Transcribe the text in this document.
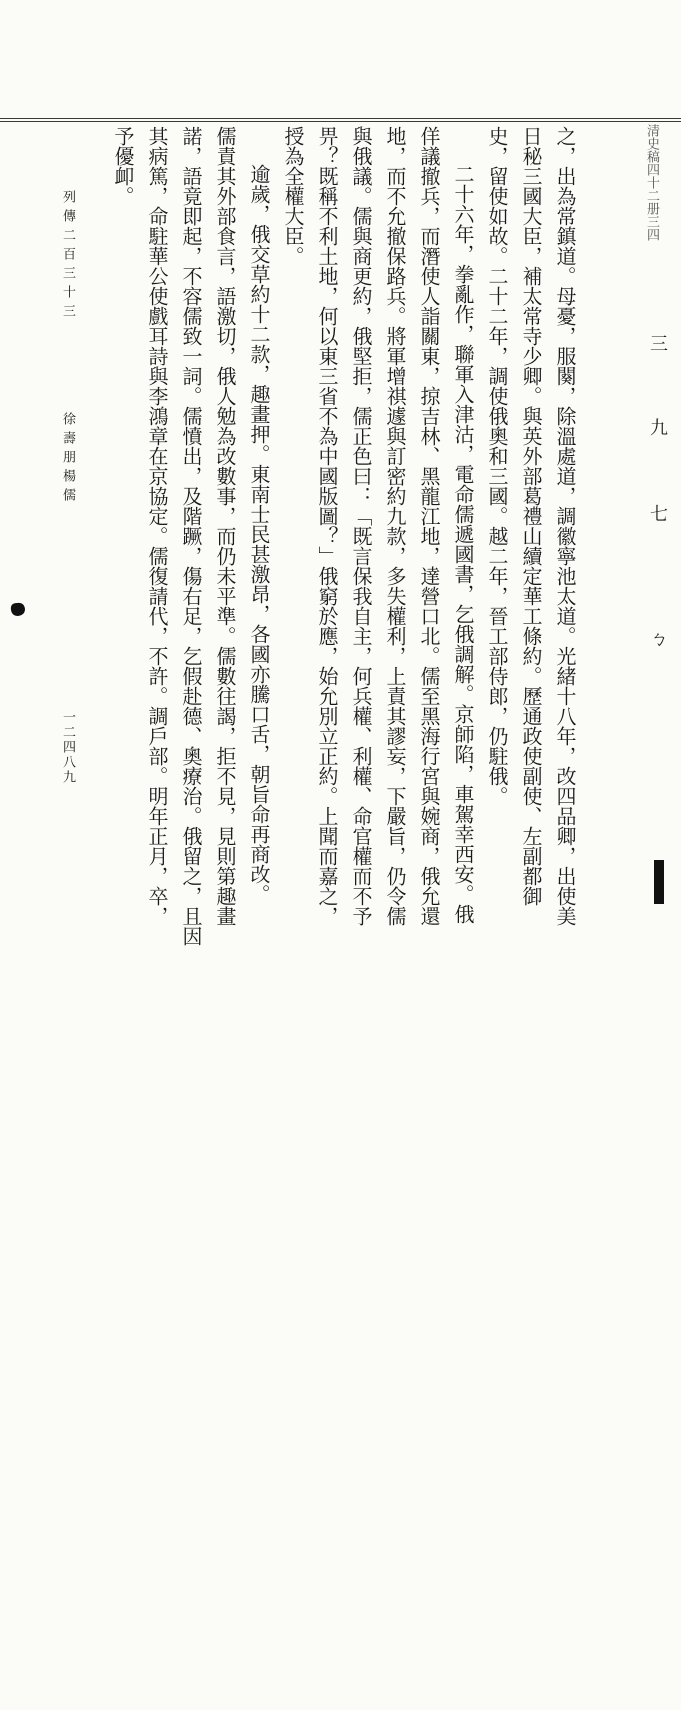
清史稿四十二册三四
三
九
七
ㄅ
之，出為常鎮道。母憂，服闋，除溫處道，調徽寧池太道。光緒十八年，改四品卿，出使美
日秘三國大臣，補太常寺少卿。與英外部葛禮山續定華工條約。歷通政使副使、左副都御
史，留使如故。二十二年，調使俄奧和三國。越二年，晉工部侍郎，仍駐俄。
二十六年，拳亂作，聯軍入津沽，電命儒遞國書，乞俄調解。京師陷，車駕幸西安。俄
佯議撤兵，而潛使人詣關東，掠吉林、黑龍江地，達營口北。儒至黑海行宮與婉商，俄允還
地，而不允撤保路兵。將軍增祺遽與訂密約九款，多失權利，上責其謬妄，下嚴旨，仍令儒
與俄議。儒與商更約，俄堅拒，儒正色曰：「既言保我自主，何兵權、利權、命官權而不予
畀？既稱不利土地，何以東三省不為中國版圖？」俄窮於應，始允別立正約。上聞而嘉之，
授為全權大臣。
逾歲，俄交草約十二款，趣畫押。東南士民甚激昂，各國亦騰口舌，朝旨命再商改。
儒責其外部食言，語激切，俄人勉為改數事，而仍未平準。儒數往謁，拒不見，見則第趣畫
諾，語竟即起，不容儒致一詞。儒憤出，及階蹶，傷右足，乞假赴德、奧療治。俄留之，且因
其病篤，命駐華公使戲耳詩與李鴻章在京協定。儒復請代，不許。調戶部。明年正月，卒，
予優卹。
列傳二百三十三
徐壽朋楊儒
一二四八九
